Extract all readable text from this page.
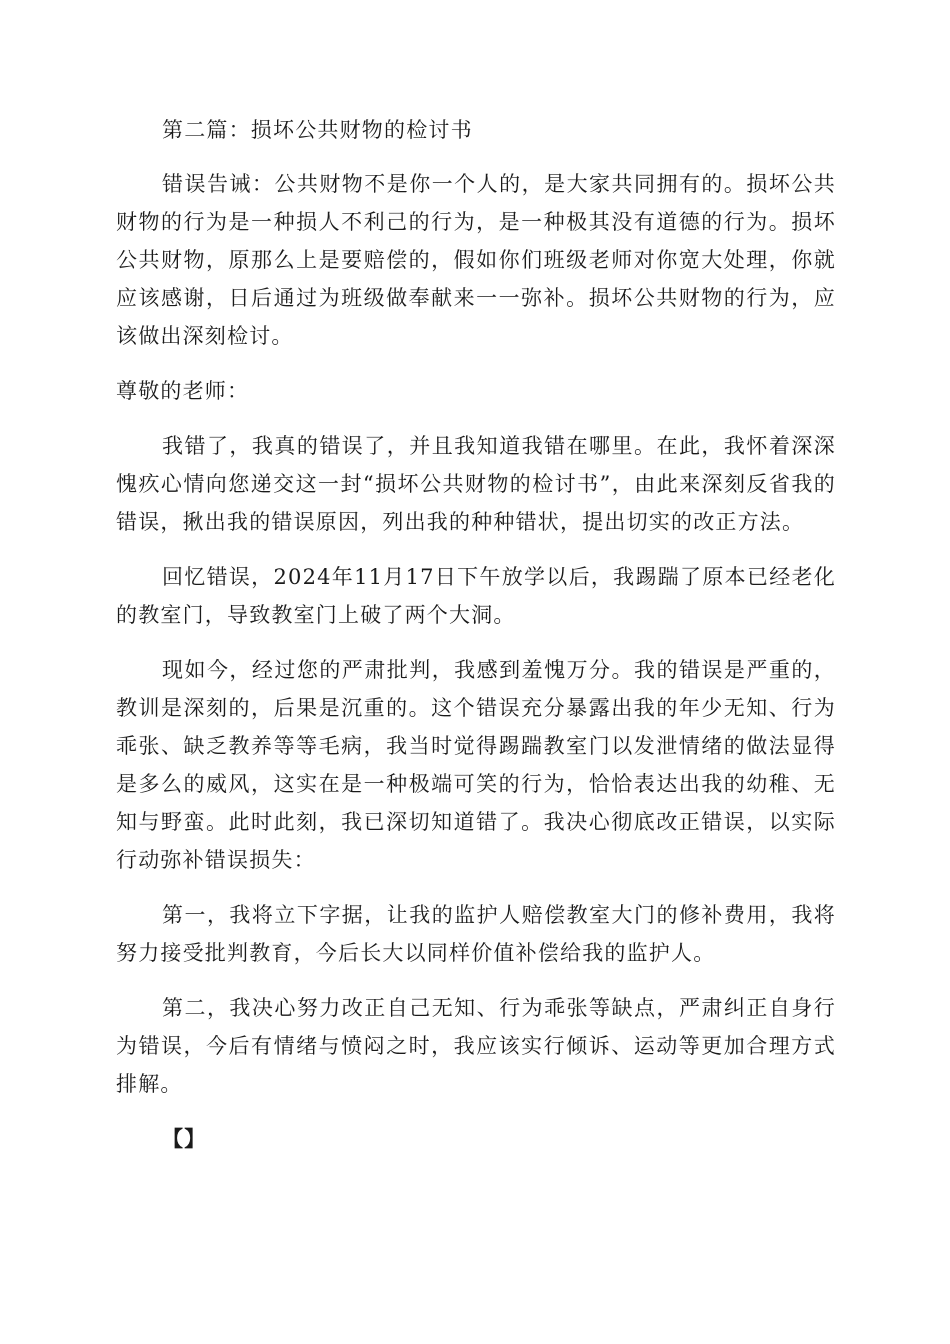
第二篇：损坏公共财物的检讨书

错误告诫：公共财物不是你一个人的，是大家共同拥有的。损坏公共财物的行为是一种损人不利己的行为，是一种极其没有道德的行为。损坏公共财物，原那么上是要赔偿的，假如你们班级老师对你宽大处理，你就应该感谢，日后通过为班级做奉献来一一弥补。损坏公共财物的行为，应该做出深刻检讨。

尊敬的老师：

我错了，我真的错误了，并且我知道我错在哪里。在此，我怀着深深愧疚心情向您递交这一封“损坏公共财物的检讨书”，由此来深刻反省我的错误，揪出我的错误原因，列出我的种种错状，提出切实的改正方法。

回忆错误，2024年11月17日下午放学以后，我踢踹了原本已经老化的教室门，导致教室门上破了两个大洞。

现如今，经过您的严肃批判，我感到羞愧万分。我的错误是严重的，教训是深刻的，后果是沉重的。这个错误充分暴露出我的年少无知、行为乖张、缺乏教养等等毛病，我当时觉得踢踹教室门以发泄情绪的做法显得是多么的威风，这实在是一种极端可笑的行为，恰恰表达出我的幼稚、无知与野蛮。此时此刻，我已深切知道错了。我决心彻底改正错误，以实际行动弥补错误损失：

第一，我将立下字据，让我的监护人赔偿教室大门的修补费用，我将努力接受批判教育，今后长大以同样价值补偿给我的监护人。

第二，我决心努力改正自己无知、行为乖张等缺点，严肃纠正自身行为错误，今后有情绪与愤闷之时，我应该实行倾诉、运动等更加合理方式排解。

【】
